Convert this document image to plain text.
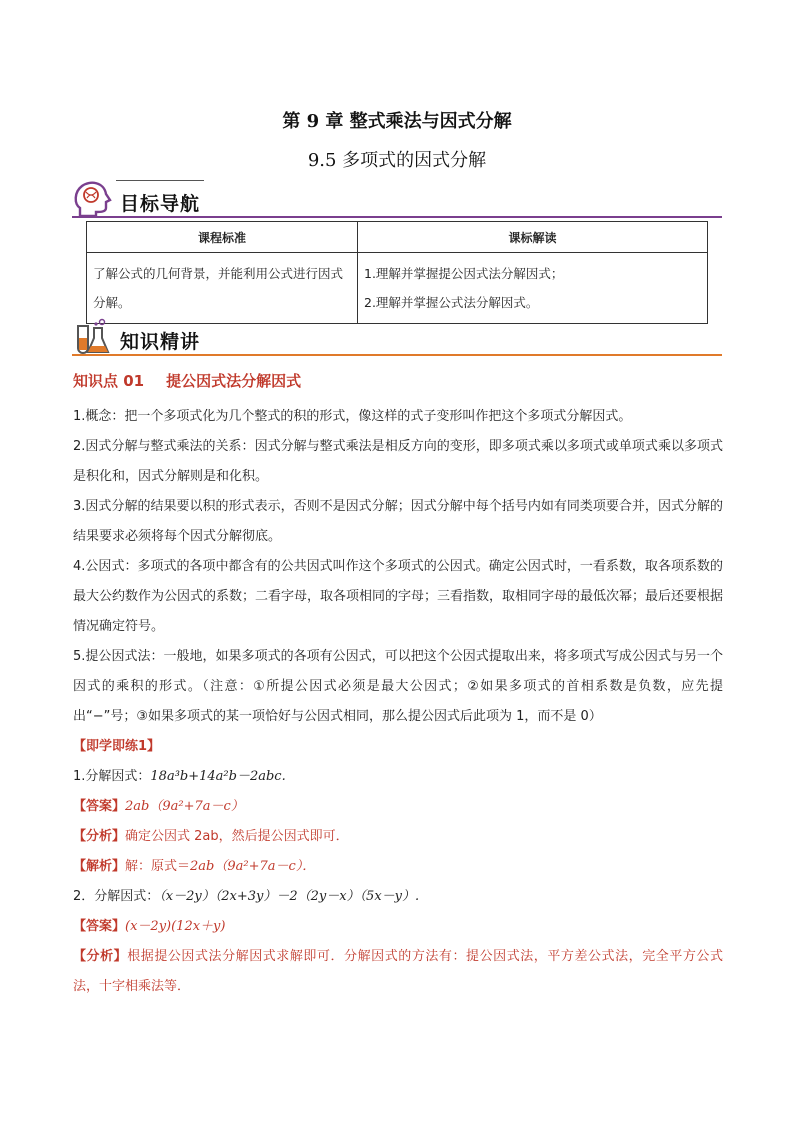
第 9 章 整式乘法与因式分解
9.5 多项式的因式分解
目标导航
课程标准	课标解读
了解公式的几何背景，并能利用公式进行因式分解。	1.理解并掌握提公因式法分解因式；
2.理解并掌握公式法分解因式。
知识精讲
知识点 01 提公因式法分解因式

1.概念：把一个多项式化为几个整式的积的形式，像这样的式子变形叫作把这个多项式分解因式。

2.因式分解与整式乘法的关系：因式分解与整式乘法是相反方向的变形，即多项式乘以多项式或单项式乘以多项式是积化和，因式分解则是和化积。

3.因式分解的结果要以积的形式表示，否则不是因式分解；因式分解中每个括号内如有同类项要合并，因式分解的结果要求必须将每个因式分解彻底。

4.公因式：多项式的各项中都含有的公共因式叫作这个多项式的公因式。确定公因式时，一看系数，取各项系数的最大公约数作为公因式的系数；二看字母，取各项相同的字母；三看指数，取相同字母的最低次幂；最后还要根据情况确定符号。

5.提公因式法：一般地，如果多项式的各项有公因式，可以把这个公因式提取出来，将多项式写成公因式与另一个因式的乘积的形式。（注意：①所提公因式必须是最大公因式；②如果多项式的首相系数是负数，应先提出“−”号；③如果多项式的某一项恰好与公因式相同，那么提公因式后此项为 1，而不是 0）

【即学即练1】

1.分解因式：18a³b+14a²b－2abc.

【答案】2ab（9a²+7a－c）

【分析】确定公因式 2ab，然后提公因式即可．

【解析】解：原式＝2ab（9a²+7a－c）．

2．分解因式：（x－2y）（2x+3y）－2（2y－x）（5x－y）.

【答案】(x－2y)(12x＋y)

【分析】根据提公因式法分解因式求解即可．分解因式的方法有：提公因式法，平方差公式法，完全平方公式法，十字相乘法等．
